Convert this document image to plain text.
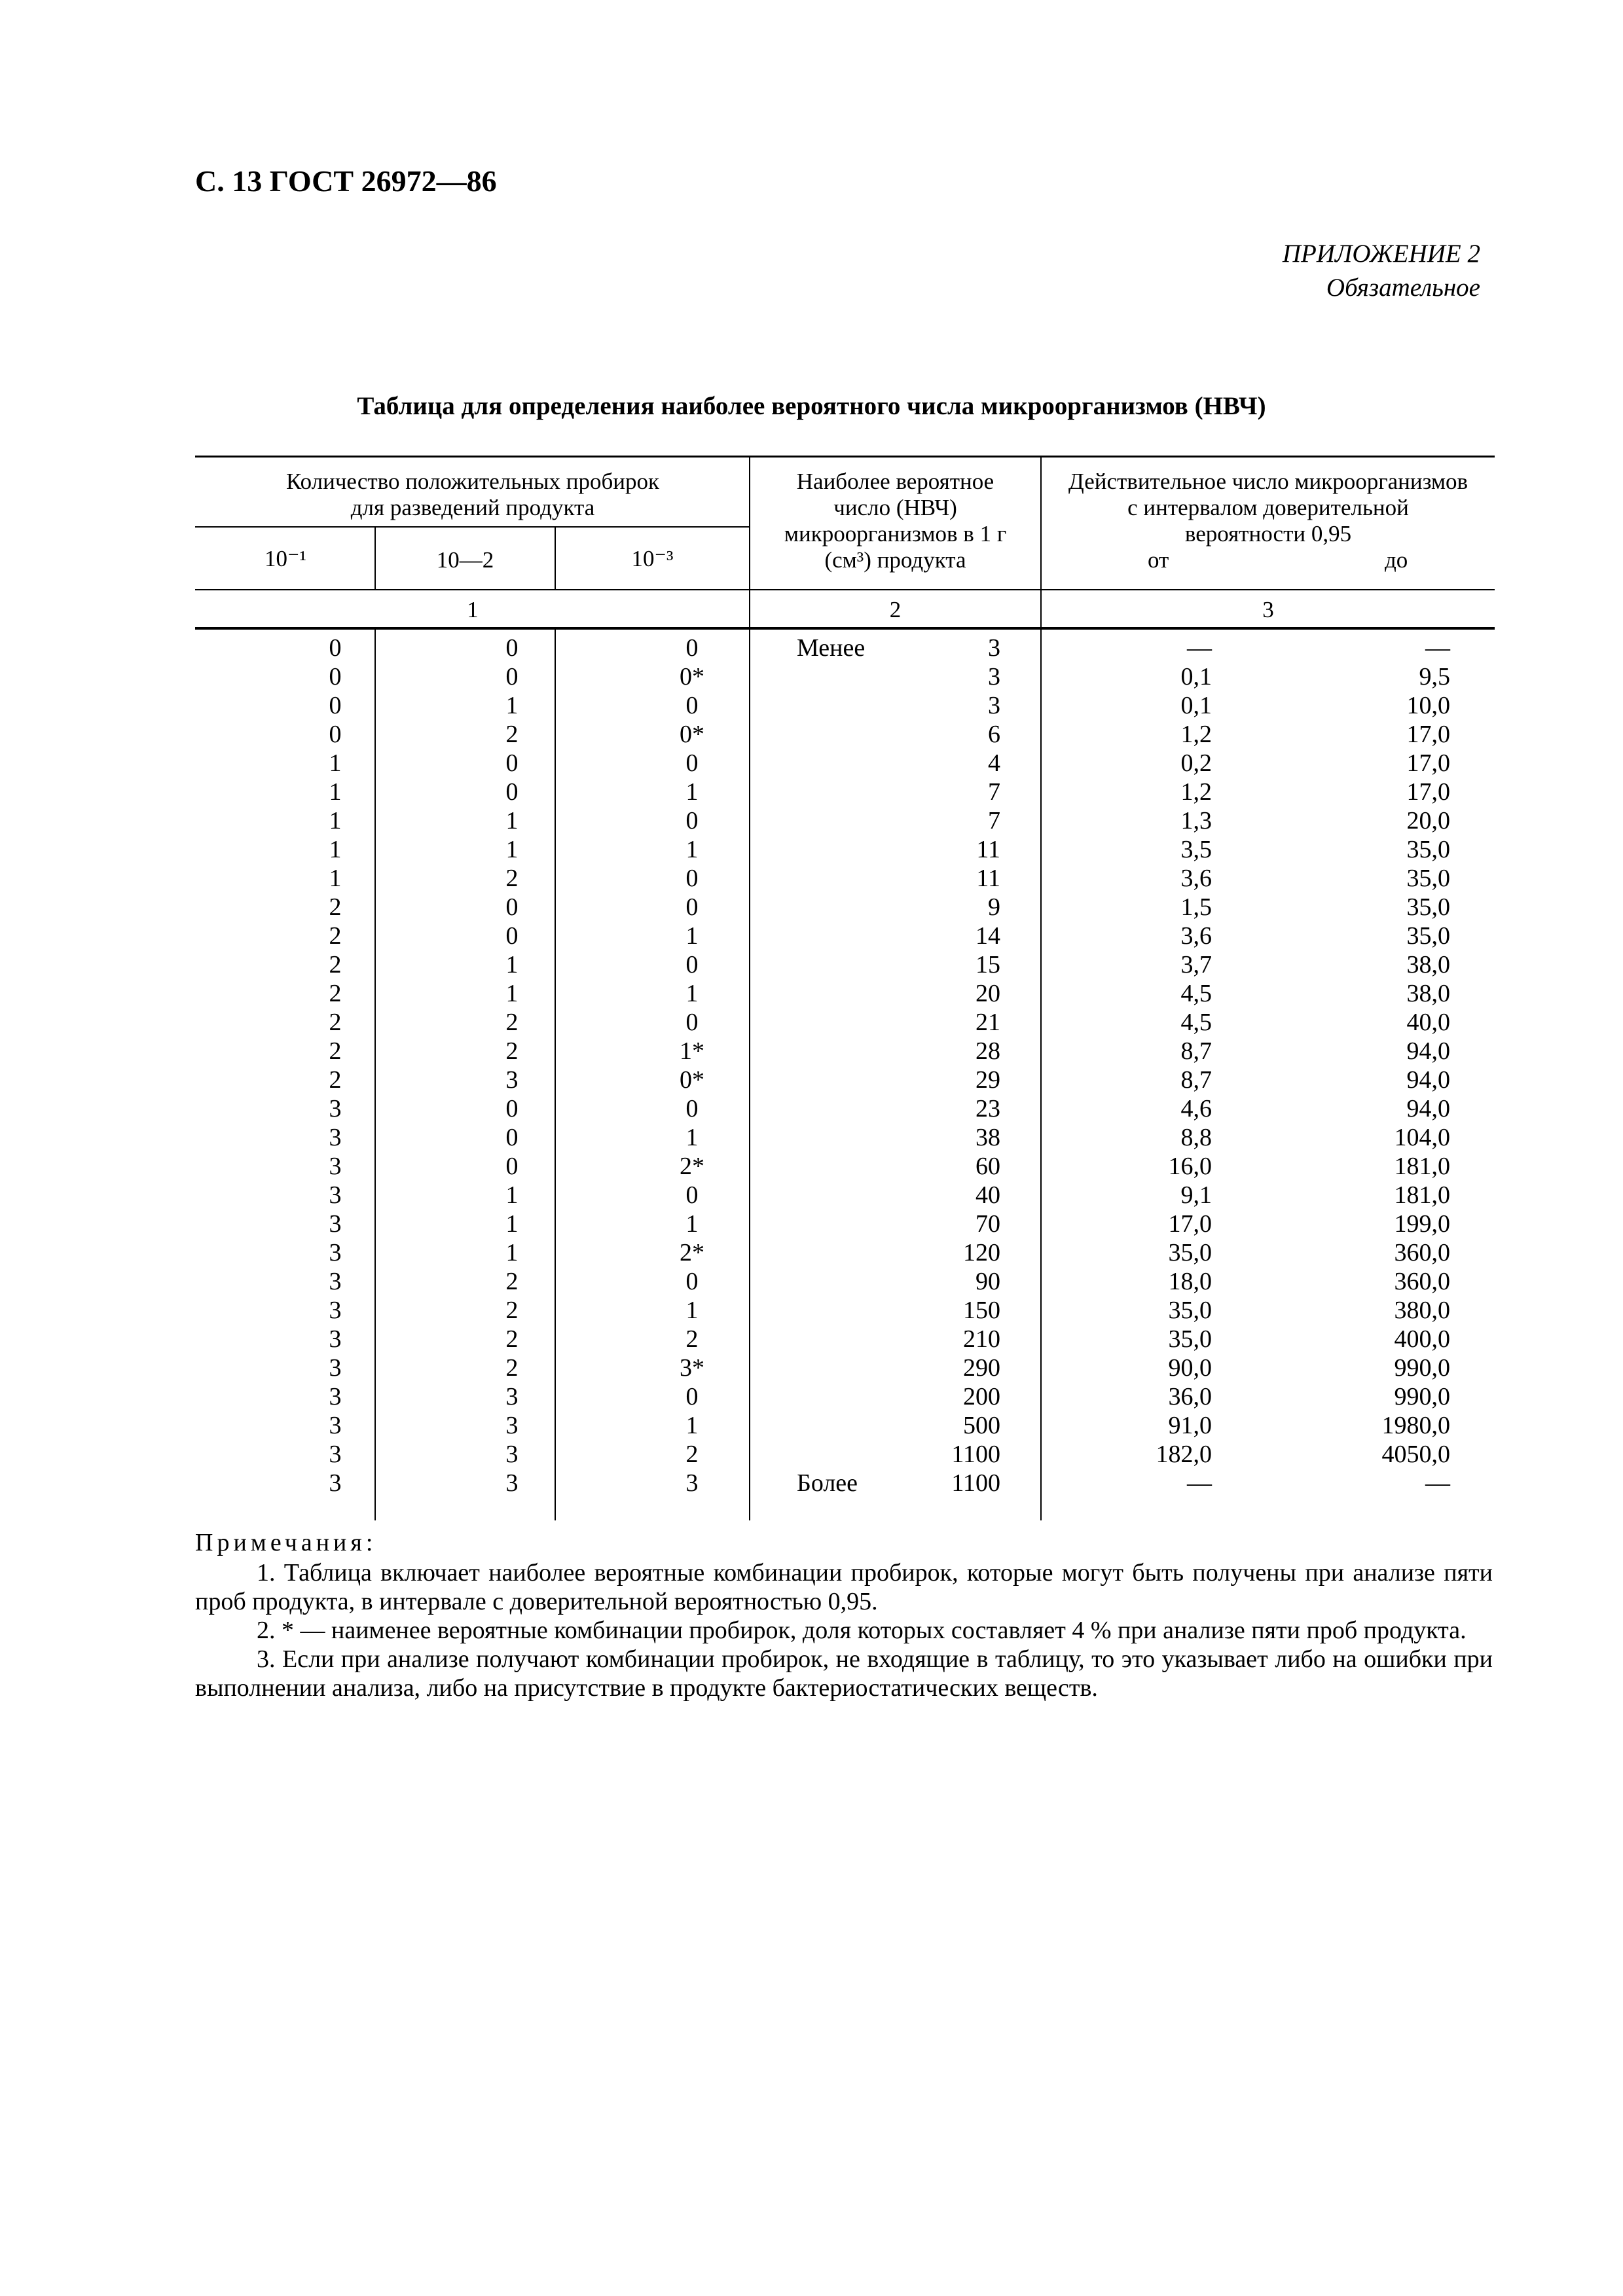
С. 13 ГОСТ 26972—86
ПРИЛОЖЕНИЕ 2
Обязательное
Таблица для определения наиболее вероятного числа микроорганизмов (НВЧ)
Количество положительных пробирок
для разведений продукта
Наиболее вероятное
число (НВЧ)
микроорганизмов в 1 г
(см³) продукта
Действительное число микроорганизмов
с интервалом доверительной
вероятности 0,95
от	до
10⁻¹	10—2	10⁻³
1	2	3
0	0	0	Менее	3	—	—
0	0	0*	3	0,1	9,5
0	1	0	3	0,1	10,0
0	2	0*	6	1,2	17,0
1	0	0	4	0,2	17,0
1	0	1	7	1,2	17,0
1	1	0	7	1,3	20,0
1	1	1	11	3,5	35,0
1	2	0	11	3,6	35,0
2	0	0	9	1,5	35,0
2	0	1	14	3,6	35,0
2	1	0	15	3,7	38,0
2	1	1	20	4,5	38,0
2	2	0	21	4,5	40,0
2	2	1*	28	8,7	94,0
2	3	0*	29	8,7	94,0
3	0	0	23	4,6	94,0
3	0	1	38	8,8	104,0
3	0	2*	60	16,0	181,0
3	1	0	40	9,1	181,0
3	1	1	70	17,0	199,0
3	1	2*	120	35,0	360,0
3	2	0	90	18,0	360,0
3	2	1	150	35,0	380,0
3	2	2	210	35,0	400,0
3	2	3*	290	90,0	990,0
3	3	0	200	36,0	990,0
3	3	1	500	91,0	1980,0
3	3	2	1100	182,0	4050,0
3	3	3	Более	1100	—	—
Примечания:

1. Таблица включает наиболее вероятные комбинации пробирок, которые могут быть получены при анализе пяти проб продукта, в интервале с доверительной вероятностью 0,95.

2. * — наименее вероятные комбинации пробирок, доля которых составляет 4 % при анализе пяти проб продукта.

3. Если при анализе получают комбинации пробирок, не входящие в таблицу, то это указывает либо на ошибки при выполнении анализа, либо на присутствие в продукте бактериостатических веществ.
